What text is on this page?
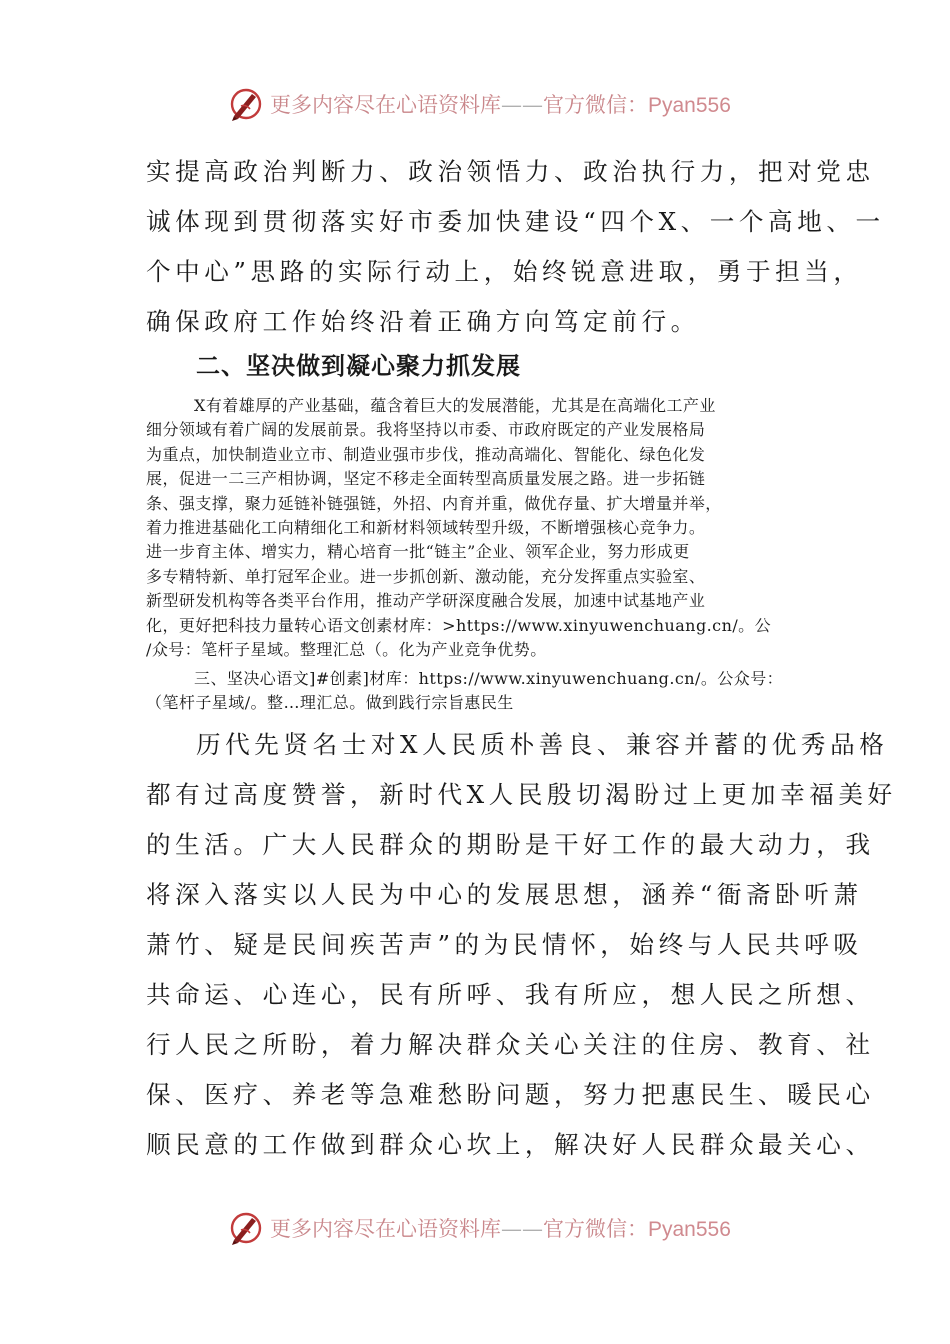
更多内容尽在心语资料库——官方微信：Pyan556
实提高政治判断力、政治领悟力、政治执行力，把对党忠
诚体现到贯彻落实好市委加快建设“四个X、一个高地、一
个中心”思路的实际行动上，始终锐意进取，勇于担当，
确保政府工作始终沿着正确方向笃定前行。
二、坚决做到凝心聚力抓发展
X有着雄厚的产业基础，蕴含着巨大的发展潜能，尤其是在高端化工产业
细分领域有着广阔的发展前景。我将坚持以市委、市政府既定的产业发展格局
为重点，加快制造业立市、制造业强市步伐，推动高端化、智能化、绿色化发
展，促进一二三产相协调，坚定不移走全面转型高质量发展之路。进一步拓链
条、强支撑，聚力延链补链强链，外招、内育并重，做优存量、扩大增量并举，
着力推进基础化工向精细化工和新材料领域转型升级，不断增强核心竞争力。
进一步育主体、增实力，精心培育一批“链主”企业、领军企业，努力形成更
多专精特新、单打冠军企业。进一步抓创新、激动能，充分发挥重点实验室、
新型研发机构等各类平台作用，推动产学研深度融合发展，加速中试基地产业
化，更好把科技力量转心语文创素材库：>https://www.xinyuwenchuang.cn/。公
/众号：笔杆子星域。整理汇总（。化为产业竞争优势。
三、坚决心语文]#创素]材库：https://www.xinyuwenchuang.cn/。公众号：
（笔杆子星域/。整…理汇总。做到践行宗旨惠民生
历代先贤名士对X人民质朴善良、兼容并蓄的优秀品格
都有过高度赞誉，新时代X人民殷切渴盼过上更加幸福美好
的生活。广大人民群众的期盼是干好工作的最大动力，我
将深入落实以人民为中心的发展思想，涵养“衙斋卧听萧
萧竹、疑是民间疾苦声”的为民情怀，始终与人民共呼吸
共命运、心连心，民有所呼、我有所应，想人民之所想、
行人民之所盼，着力解决群众关心关注的住房、教育、社
保、医疗、养老等急难愁盼问题，努力把惠民生、暖民心
顺民意的工作做到群众心坎上，解决好人民群众最关心、
更多内容尽在心语资料库——官方微信：Pyan556
